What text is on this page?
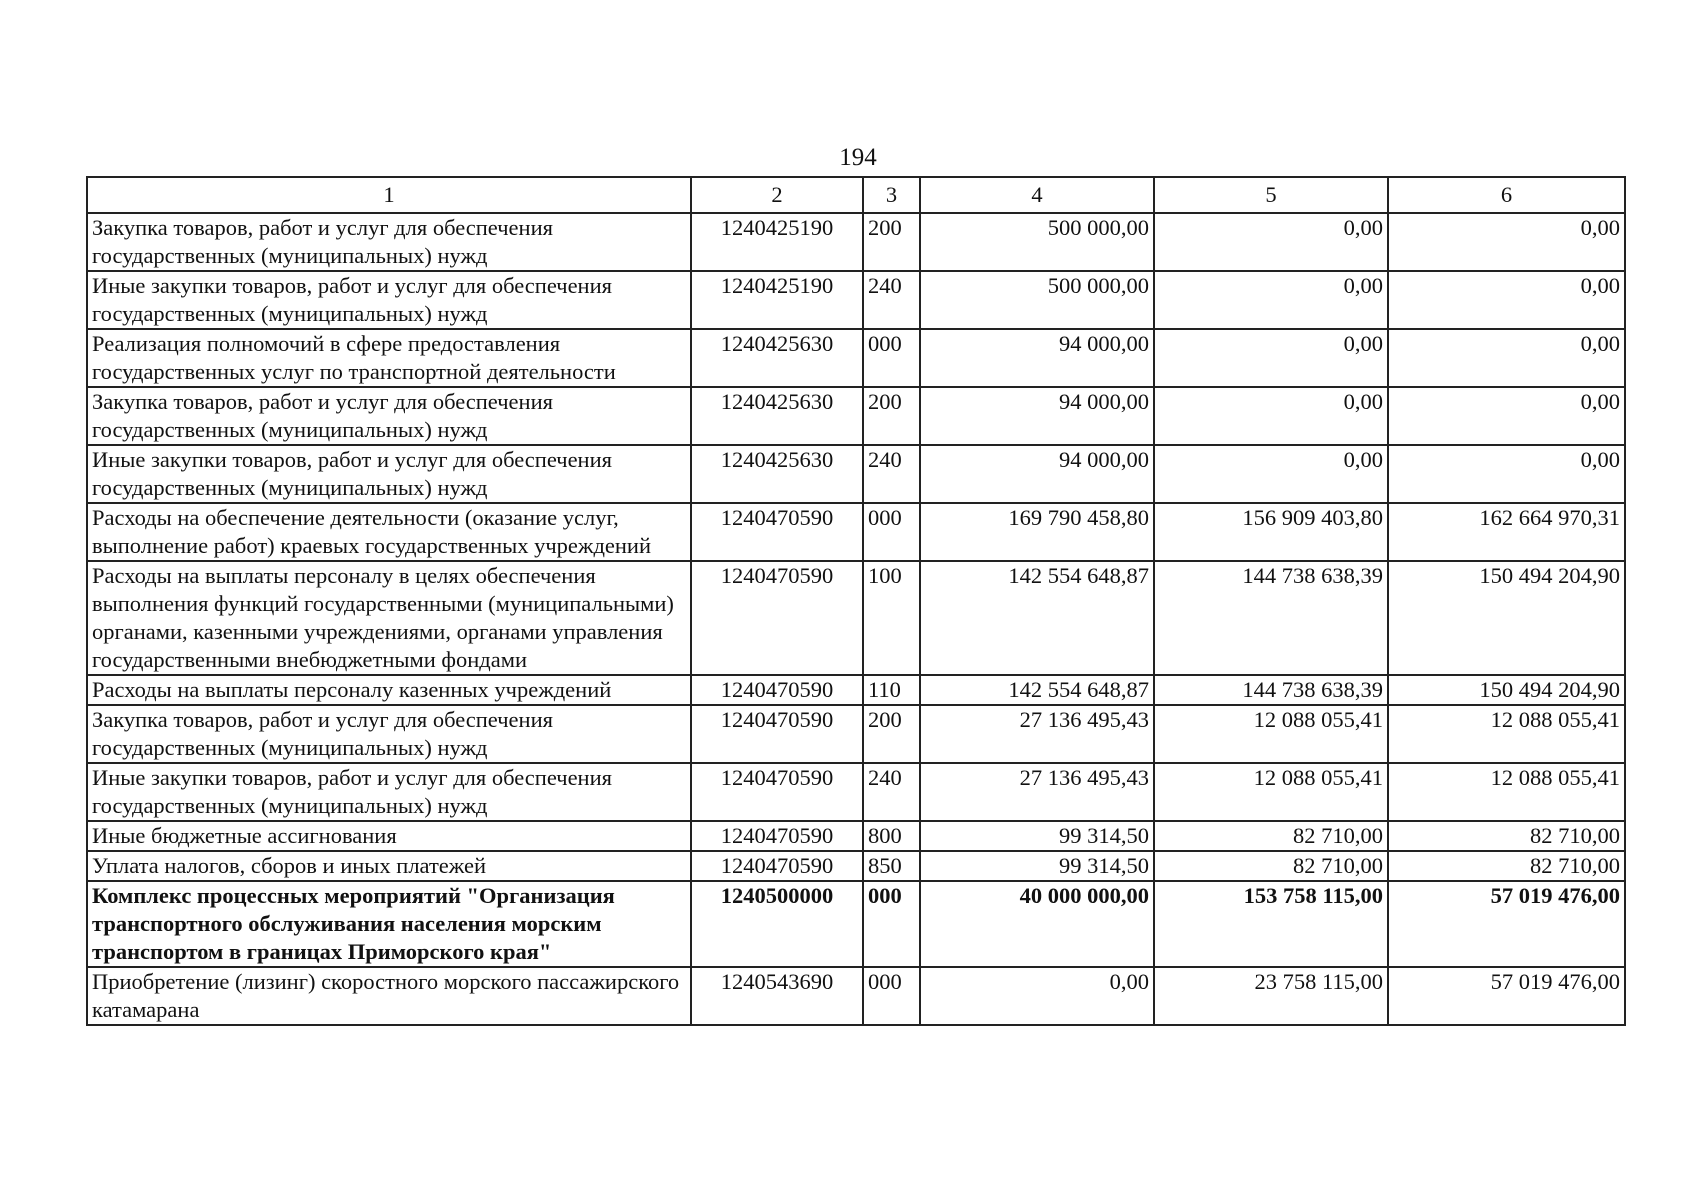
194
1	2	3	4	5	6
Закупка товаров, работ и услуг для обеспечения государственных (муниципальных) нужд	1240425190	200	500 000,00	0,00	0,00
Иные закупки товаров, работ и услуг для обеспечения государственных (муниципальных) нужд	1240425190	240	500 000,00	0,00	0,00
Реализация полномочий в сфере предоставления государственных услуг по транспортной деятельности	1240425630	000	94 000,00	0,00	0,00
Закупка товаров, работ и услуг для обеспечения государственных (муниципальных) нужд	1240425630	200	94 000,00	0,00	0,00
Иные закупки товаров, работ и услуг для обеспечения государственных (муниципальных) нужд	1240425630	240	94 000,00	0,00	0,00
Расходы на обеспечение деятельности (оказание услуг, выполнение работ) краевых государственных учреждений	1240470590	000	169 790 458,80	156 909 403,80	162 664 970,31
Расходы на выплаты персоналу в целях обеспечения выполнения функций государственными (муниципальными) органами, казенными учреждениями, органами управления государственными внебюджетными фондами	1240470590	100	142 554 648,87	144 738 638,39	150 494 204,90
Расходы на выплаты персоналу казенных учреждений	1240470590	110	142 554 648,87	144 738 638,39	150 494 204,90
Закупка товаров, работ и услуг для обеспечения государственных (муниципальных) нужд	1240470590	200	27 136 495,43	12 088 055,41	12 088 055,41
Иные закупки товаров, работ и услуг для обеспечения государственных (муниципальных) нужд	1240470590	240	27 136 495,43	12 088 055,41	12 088 055,41
Иные бюджетные ассигнования	1240470590	800	99 314,50	82 710,00	82 710,00
Уплата налогов, сборов и иных платежей	1240470590	850	99 314,50	82 710,00	82 710,00
Комплекс процессных мероприятий "Организация транспортного обслуживания населения морским транспортом в границах Приморского края"	1240500000	000	40 000 000,00	153 758 115,00	57 019 476,00
Приобретение (лизинг) скоростного морского пассажирского катамарана	1240543690	000	0,00	23 758 115,00	57 019 476,00
